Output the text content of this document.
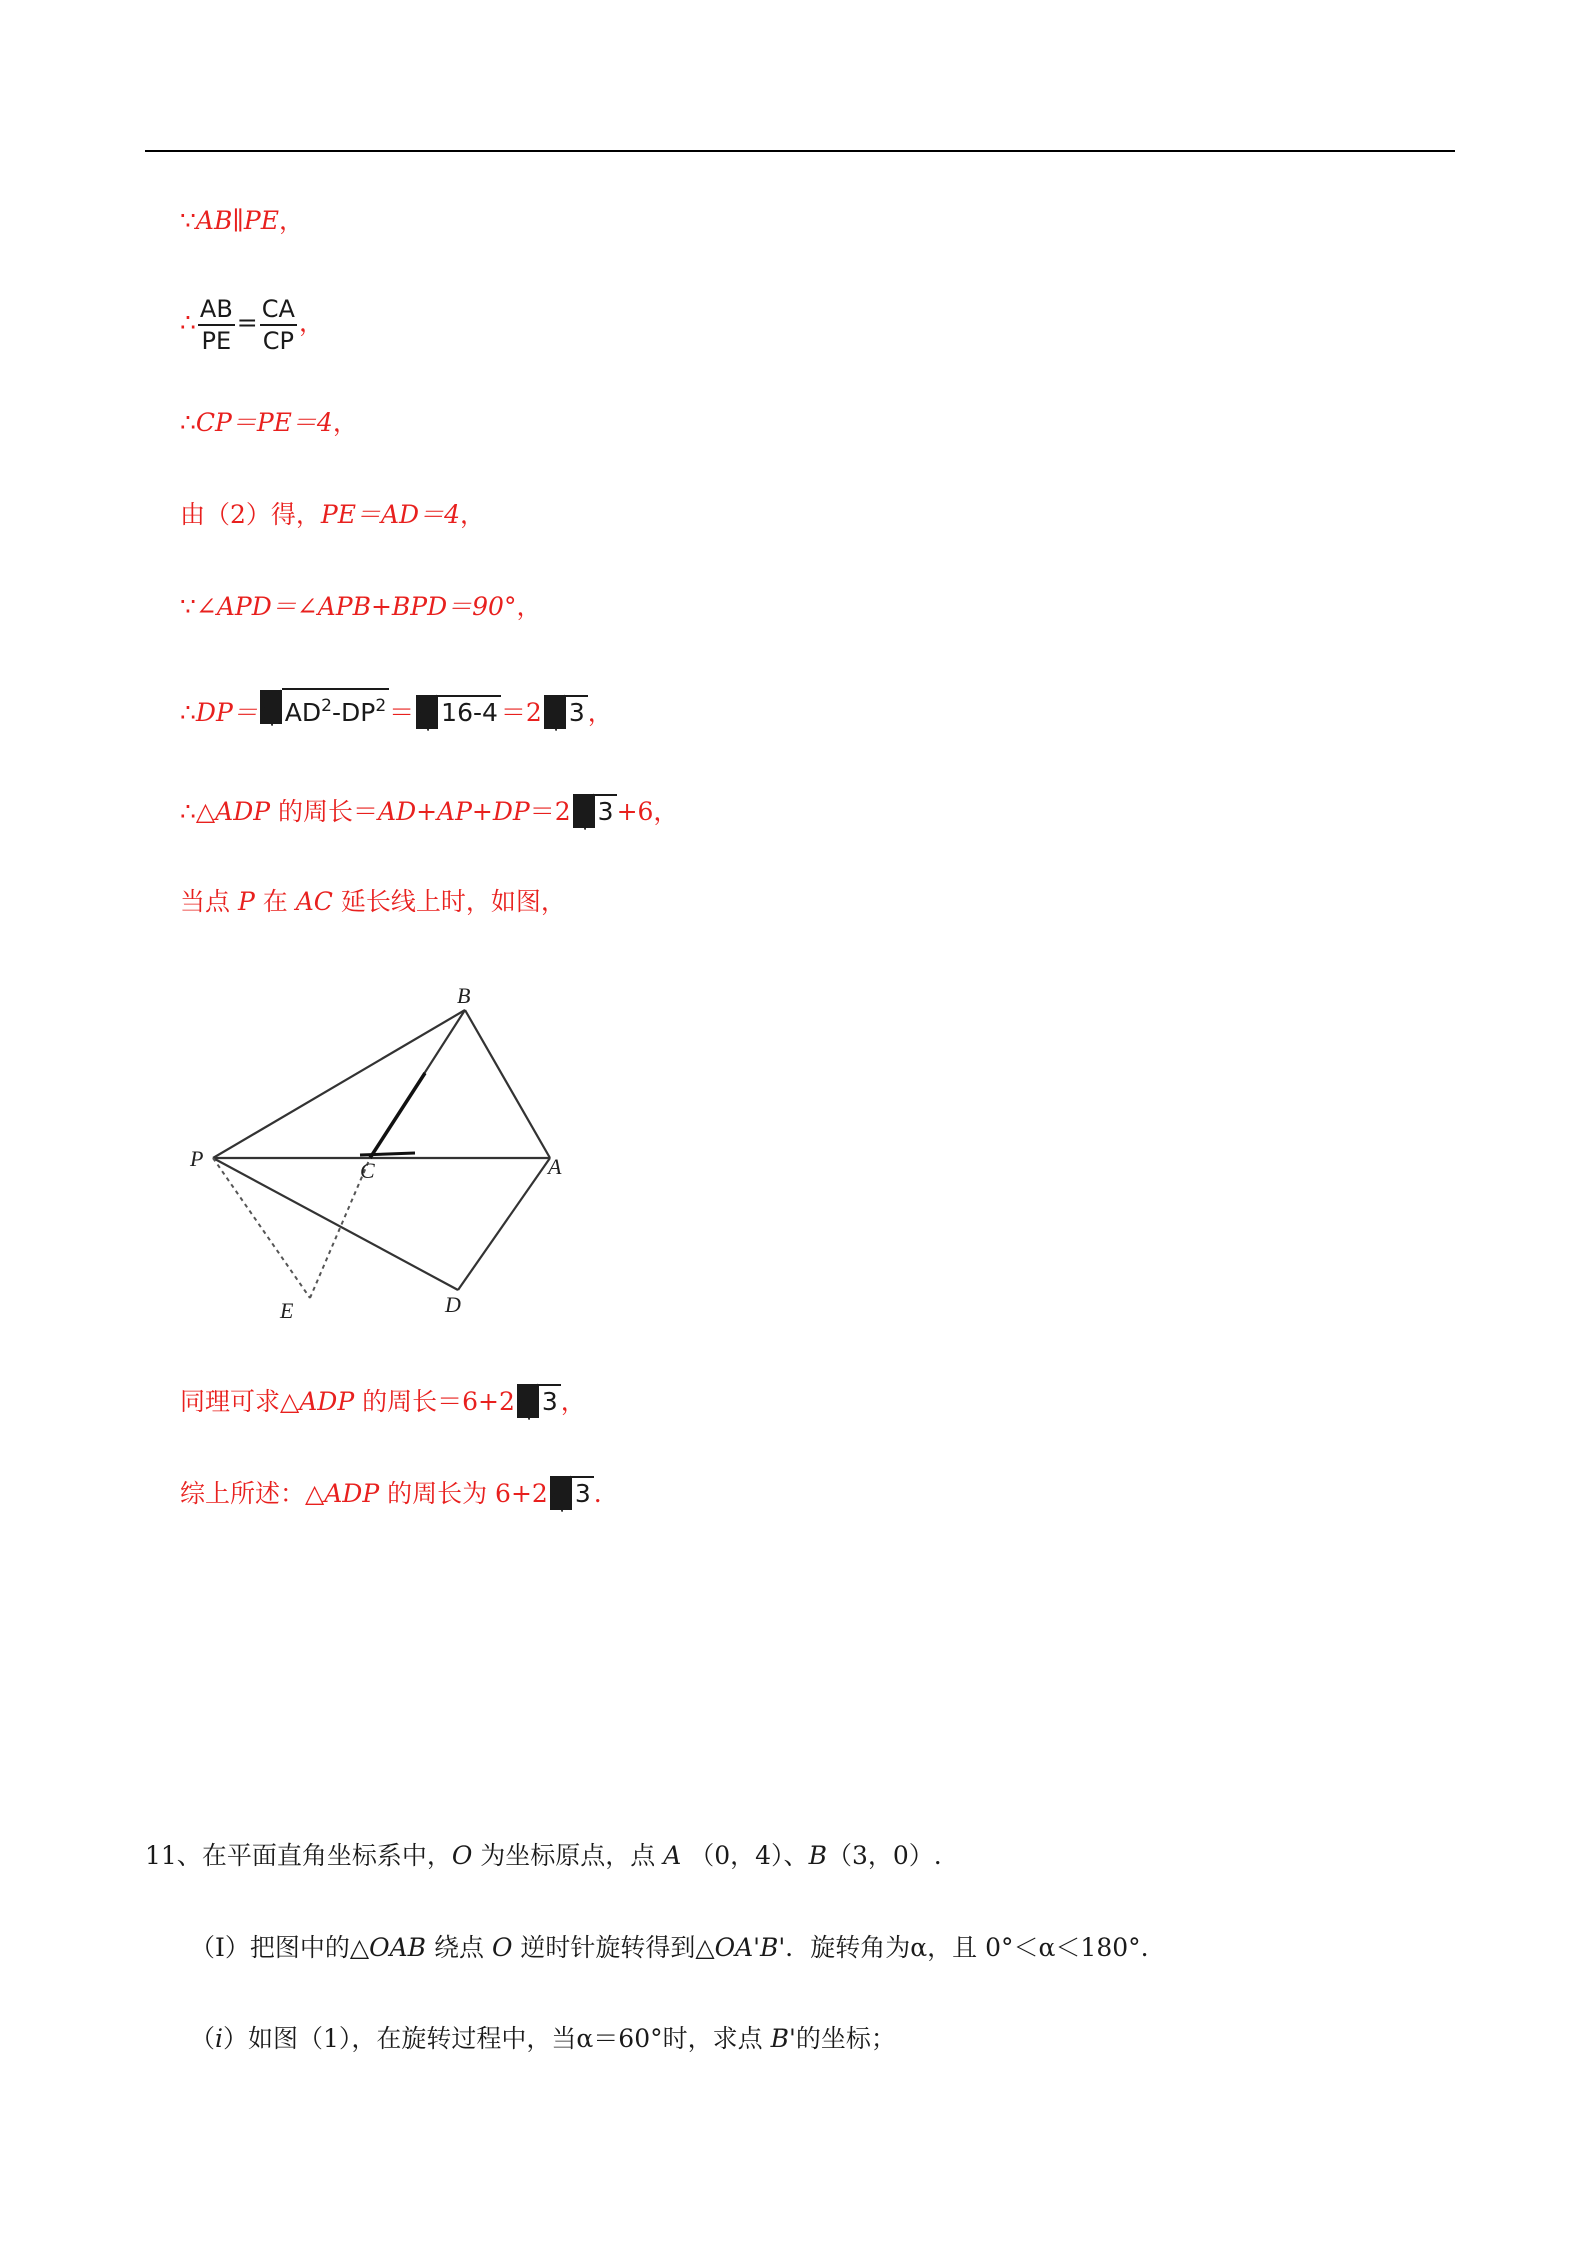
∵AB∥PE，
∴ $\frac{AB}{PE} = \frac{CA}{CP}$ ，
∴CP＝PE＝4，
由（2）得，PE＝AD＝4，
∵∠APD＝∠APB+BPD＝90°，
∴DP＝ $AD^2-DP^2 = 16-4 =2$ 3 ，
∴△ADP 的周长＝AD+AP+DP＝2 3 +6，
当点 P 在 AC 延长线上时，如图，
B
P	C	A
E	D
同理可求△ADP 的周长＝6+2 3 ，
综上所述：△ADP 的周长为 6+2 3 .
11、在平面直角坐标系中，O 为坐标原点，点 A （0，4）、B（3，0）.
（I）把图中的△OAB 绕点 O 逆时针旋转得到△OA'B'．旋转角为α，且 0°＜α＜180°.
（i）如图（1），在旋转过程中，当α＝60°时，求点 B'的坐标；
